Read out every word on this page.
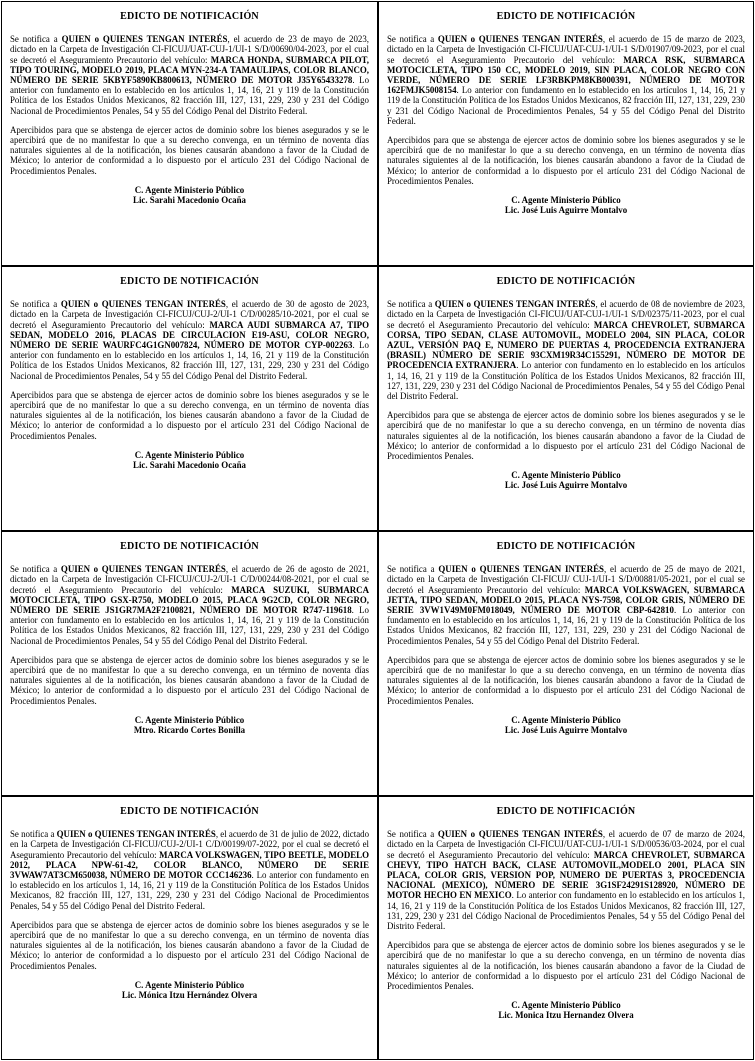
EDICTO DE NOTIFICACIÓN

Se notifica a QUIEN o QUIENES TENGAN INTERÉS, el acuerdo de 23 de mayo de 2023, dictado en la Carpeta de Investigación CI-FICUJ/UAT-CUJ-1/UI-1 S/D/00690/04-2023, por el cual se decretó el Aseguramiento Precautorio del vehículo: MARCA HONDA, SUBMARCA PILOT, TIPO TOURING, MODELO 2019, PLACA MYN-234-A TAMAULIPAS, COLOR BLANCO, NÚMERO DE SERIE 5KBYF5890KB800613, NÚMERO DE MOTOR J35Y65433278. Lo anterior con fundamento en lo establecido en los artículos 1, 14, 16, 21 y 119 de la Constitución Política de los Estados Unidos Mexicanos, 82 fracción III, 127, 131, 229, 230 y 231 del Código Nacional de Procedimientos Penales, 54 y 55 del Código Penal del Distrito Federal.

Apercibidos para que se abstenga de ejercer actos de dominio sobre los bienes asegurados y se le apercibirá que de no manifestar lo que a su derecho convenga, en un término de noventa días naturales siguientes al de la notificación, los bienes causarán abandono a favor de la Ciudad de México; lo anterior de conformidad a lo dispuesto por el artículo 231 del Código Nacional de Procedimientos Penales.

C. Agente Ministerio Público
Lic. Sarahi Macedonio Ocaña
EDICTO DE NOTIFICACIÓN

Se notifica a QUIEN o QUIENES TENGAN INTERÉS, el acuerdo de 15 de marzo de 2023, dictado en la Carpeta de Investigación CI-FICUJ/UAT-CUJ-1/UI-1 S/D/01907/09-2023, por el cual se decretó el Aseguramiento Precautorio del vehículo: MARCA RSK, SUBMARCA MOTOCICLETA, TIPO 150 CC, MODELO 2019, SIN PLACA, COLOR NEGRO CON VERDE, NÚMERO DE SERIE LF3RBKPM8KB000391, NÚMERO DE MOTOR 162FMJK5008154. Lo anterior con fundamento en lo establecido en los artículos 1, 14, 16, 21 y 119 de la Constitución Política de los Estados Unidos Mexicanos, 82 fracción III, 127, 131, 229, 230 y 231 del Código Nacional de Procedimientos Penales, 54 y 55 del Código Penal del Distrito Federal.

Apercibidos para que se abstenga de ejercer actos de dominio sobre los bienes asegurados y se le apercibirá que de no manifestar lo que a su derecho convenga, en un término de noventa días naturales siguientes al de la notificación, los bienes causarán abandono a favor de la Ciudad de México; lo anterior de conformidad a lo dispuesto por el artículo 231 del Código Nacional de Procedimientos Penales.

C. Agente Ministerio Público
Lic. José Luis Aguirre Montalvo
EDICTO DE NOTIFICACIÓN

Se notifica a QUIEN o QUIENES TENGAN INTERÉS, el acuerdo de 30 de agosto de 2023, dictado en la Carpeta de Investigación CI-FICUJ/CUJ-2/UI-1 C/D/00285/10-2021, por el cual se decretó el Aseguramiento Precautorio del vehículo: MARCA AUDI SUBMARCA A7, TIPO SEDAN, MODELO 2016, PLACAS DE CIRCULACION E19-ASU, COLOR NEGRO, NÚMERO DE SERIE WAURFC4G1GN007824, NÚMERO DE MOTOR CYP-002263. Lo anterior con fundamento en lo establecido en los artículos 1, 14, 16, 21 y 119 de la Constitución Política de los Estados Unidos Mexicanos, 82 fracción III, 127, 131, 229, 230 y 231 del Código Nacional de Procedimientos Penales, 54 y 55 del Código Penal del Distrito Federal.

Apercibidos para que se abstenga de ejercer actos de dominio sobre los bienes asegurados y se le apercibirá que de no manifestar lo que a su derecho convenga, en un término de noventa días naturales siguientes al de la notificación, los bienes causarán abandono a favor de la Ciudad de México; lo anterior de conformidad a lo dispuesto por el artículo 231 del Código Nacional de Procedimientos Penales.

C. Agente Ministerio Público
Lic. Sarahi Macedonio Ocaña
EDICTO DE NOTIFICACIÓN

Se notifica a QUIEN o QUIENES TENGAN INTERÉS, el acuerdo de 08 de noviembre de 2023, dictado en la Carpeta de Investigación CI-FICUJ/UAT-CUJ-1/UI-1 S/D/02375/11-2023, por el cual se decretó el Aseguramiento Precautorio del vehículo: MARCA CHEVROLET, SUBMARCA CORSA, TIPO SEDAN, CLASE AUTOMOVIL, MODELO 2004, SIN PLACA, COLOR AZUL, VERSIÓN PAQ E, NUMERO DE PUERTAS 4, PROCEDENCIA EXTRANJERA (BRASIL) NÚMERO DE SERIE 93CXM19R34C155291, NÚMERO DE MOTOR DE PROCEDENCIA EXTRANJERA. Lo anterior con fundamento en lo establecido en los artículos 1, 14, 16, 21 y 119 de la Constitución Política de los Estados Unidos Mexicanos, 82 fracción III, 127, 131, 229, 230 y 231 del Código Nacional de Procedimientos Penales, 54 y 55 del Código Penal del Distrito Federal.

Apercibidos para que se abstenga de ejercer actos de dominio sobre los bienes asegurados y se le apercibirá que de no manifestar lo que a su derecho convenga, en un término de noventa días naturales siguientes al de la notificación, los bienes causarán abandono a favor de la Ciudad de México; lo anterior de conformidad a lo dispuesto por el artículo 231 del Código Nacional de Procedimientos Penales.

C. Agente Ministerio Público
Lic. José Luis Aguirre Montalvo
EDICTO DE NOTIFICACIÓN

Se notifica a QUIEN o QUIENES TENGAN INTERÉS, el acuerdo de 26 de agosto de 2021, dictado en la Carpeta de Investigación CI-FICUJ/CUJ-2/UI-1 C/D/00244/08-2021, por el cual se decretó el Aseguramiento Precautorio del vehículo: MARCA SUZUKI, SUBMARCA MOTOCICLETA, TIPO GSX-R750, MODELO 2015, PLACA 9G2CD, COLOR NEGRO, NÚMERO DE SERIE JS1GR7MA2F2100821, NÚMERO DE MOTOR R747-119618. Lo anterior con fundamento en lo establecido en los artículos 1, 14, 16, 21 y 119 de la Constitución Política de los Estados Unidos Mexicanos, 82 fracción III, 127, 131, 229, 230 y 231 del Código Nacional de Procedimientos Penales, 54 y 55 del Código Penal del Distrito Federal.

Apercibidos para que se abstenga de ejercer actos de dominio sobre los bienes asegurados y se le apercibirá que de no manifestar lo que a su derecho convenga, en un término de noventa días naturales siguientes al de la notificación, los bienes causarán abandono a favor de la Ciudad de México; lo anterior de conformidad a lo dispuesto por el artículo 231 del Código Nacional de Procedimientos Penales.

C. Agente Ministerio Público
Mtro. Ricardo Cortes Bonilla
EDICTO DE NOTIFICACIÓN

Se notifica a QUIEN o QUIENES TENGAN INTERÉS, el acuerdo de 25 de mayo de 2021, dictado en la Carpeta de Investigación CI-FICUJ/ CUJ-1/UI-1 S/D/00881/05-2021, por el cual se decretó el Aseguramiento Precautorio del vehículo: MARCA VOLKSWAGEN, SUBMARCA JETTA, TIPO SEDAN, MODELO 2015, PLACA NYS-7598, COLOR GRIS, NÚMERO DE SERIE 3VW1V49M0FM018049, NÚMERO DE MOTOR CBP-642810. Lo anterior con fundamento en lo establecido en los artículos 1, 14, 16, 21 y 119 de la Constitución Política de los Estados Unidos Mexicanos, 82 fracción III, 127, 131, 229, 230 y 231 del Código Nacional de Procedimientos Penales, 54 y 55 del Código Penal del Distrito Federal.

Apercibidos para que se abstenga de ejercer actos de dominio sobre los bienes asegurados y se le apercibirá que de no manifestar lo que a su derecho convenga, en un término de noventa días naturales siguientes al de la notificación, los bienes causarán abandono a favor de la Ciudad de México; lo anterior de conformidad a lo dispuesto por el artículo 231 del Código Nacional de Procedimientos Penales.

C. Agente Ministerio Público
Lic. José Luis Aguirre Montalvo
EDICTO DE NOTIFICACIÓN

Se notifica a QUIEN o QUIENES TENGAN INTERÉS, el acuerdo de 31 de julio de 2022, dictado en la Carpeta de Investigación CI-FICUJ/CUJ-2/UI-1 C/D/00199/07-2022, por el cual se decretó el Aseguramiento Precautorio del vehículo: MARCA VOLKSWAGEN, TIPO BEETLE, MODELO 2012, PLACA NPW-61-42, COLOR BLANCO, NÚMERO DE SERIE 3VWAW7AT3CM650038, NÚMERO DE MOTOR CCC146236. Lo anterior con fundamento en lo establecido en los artículos 1, 14, 16, 21 y 119 de la Constitución Política de los Estados Unidos Mexicanos, 82 fracción III, 127, 131, 229, 230 y 231 del Código Nacional de Procedimientos Penales, 54 y 55 del Código Penal del Distrito Federal.

Apercibidos para que se abstenga de ejercer actos de dominio sobre los bienes asegurados y se le apercibirá que de no manifestar lo que a su derecho convenga, en un término de noventa días naturales siguientes al de la notificación, los bienes causarán abandono a favor de la Ciudad de México; lo anterior de conformidad a lo dispuesto por el artículo 231 del Código Nacional de Procedimientos Penales.

C. Agente Ministerio Público
Lic. Mónica Itzu Hernández Olvera
EDICTO DE NOTIFICACIÓN

Se notifica a QUIEN o QUIENES TENGAN INTERÉS, el acuerdo de 07 de marzo de 2024, dictado en la Carpeta de Investigación CI-FICUJ/UAT-CUJ-1/UI-1 S/D/00536/03-2024, por el cual se decretó el Aseguramiento Precautorio del vehículo: MARCA CHEVROLET, SUBMARCA CHEVY, TIPO HATCH BACK, CLASE AUTOMOVIL,MODELO 2001, PLACA SIN PLACA, COLOR GRIS, VERSION POP, NUMERO DE PUERTAS 3, PROCEDENCIA NACIONAL (MEXICO), NÚMERO DE SERIE 3G1SF24291S128920, NÚMERO DE MOTOR HECHO EN MEXICO. Lo anterior con fundamento en lo establecido en los artículos 1, 14, 16, 21 y 119 de la Constitución Política de los Estados Unidos Mexicanos, 82 fracción III, 127, 131, 229, 230 y 231 del Código Nacional de Procedimientos Penales, 54 y 55 del Código Penal del Distrito Federal.

Apercibidos para que se abstenga de ejercer actos de dominio sobre los bienes asegurados y se le apercibirá que de no manifestar lo que a su derecho convenga, en un término de noventa días naturales siguientes al de la notificación, los bienes causarán abandono a favor de la Ciudad de México; lo anterior de conformidad a lo dispuesto por el artículo 231 del Código Nacional de Procedimientos Penales.

C. Agente Ministerio Público
Lic. Monica Itzu Hernandez Olvera
